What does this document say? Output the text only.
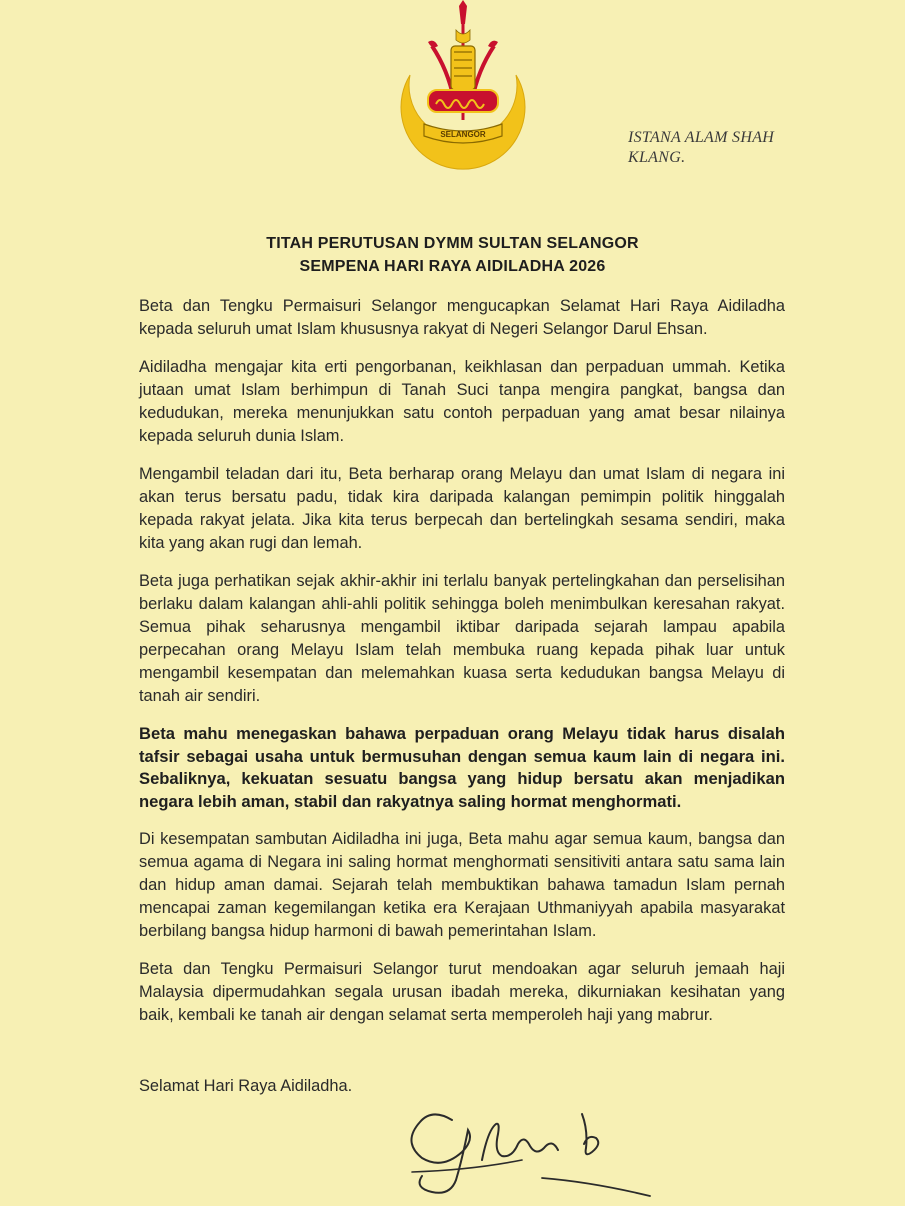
SELANGOR	ISTANA ALAM SHAH
KLANG.
TITAH PERUTUSAN DYMM SULTAN SELANGOR
SEMPENA HARI RAYA AIDILADHA 2026

Beta dan Tengku Permaisuri Selangor mengucapkan Selamat Hari Raya Aidiladha kepada seluruh umat Islam khususnya rakyat di Negeri Selangor Darul Ehsan.

Aidiladha mengajar kita erti pengorbanan, keikhlasan dan perpaduan ummah. Ketika jutaan umat Islam berhimpun di Tanah Suci tanpa mengira pangkat, bangsa dan kedudukan, mereka menunjukkan satu contoh perpaduan yang amat besar nilainya kepada seluruh dunia Islam.

Mengambil teladan dari itu, Beta berharap orang Melayu dan umat Islam di negara ini akan terus bersatu padu, tidak kira daripada kalangan pemimpin politik hinggalah kepada rakyat jelata. Jika kita terus berpecah dan bertelingkah sesama sendiri, maka kita yang akan rugi dan lemah.

Beta juga perhatikan sejak akhir-akhir ini terlalu banyak pertelingkahan dan perselisihan berlaku dalam kalangan ahli-ahli politik sehingga boleh menimbulkan keresahan rakyat. Semua pihak seharusnya mengambil iktibar daripada sejarah lampau apabila perpecahan orang Melayu Islam telah membuka ruang kepada pihak luar untuk mengambil kesempatan dan melemahkan kuasa serta kedudukan bangsa Melayu di tanah air sendiri.

Beta mahu menegaskan bahawa perpaduan orang Melayu tidak harus disalah tafsir sebagai usaha untuk bermusuhan dengan semua kaum lain di negara ini. Sebaliknya, kekuatan sesuatu bangsa yang hidup bersatu akan menjadikan negara lebih aman, stabil dan rakyatnya saling hormat menghormati.

Di kesempatan sambutan Aidiladha ini juga, Beta mahu agar semua kaum, bangsa dan semua agama di Negara ini saling hormat menghormati sensitiviti antara satu sama lain dan hidup aman damai. Sejarah telah membuktikan bahawa tamadun Islam pernah mencapai zaman kegemilangan ketika era Kerajaan Uthmaniyyah apabila masyarakat berbilang bangsa hidup harmoni di bawah pemerintahan Islam.

Beta dan Tengku Permaisuri Selangor turut mendoakan agar seluruh jemaah haji Malaysia dipermudahkan segala urusan ibadah mereka, dikurniakan kesihatan yang baik, kembali ke tanah air dengan selamat serta memperoleh haji yang mabrur.

Selamat Hari Raya Aidiladha.
